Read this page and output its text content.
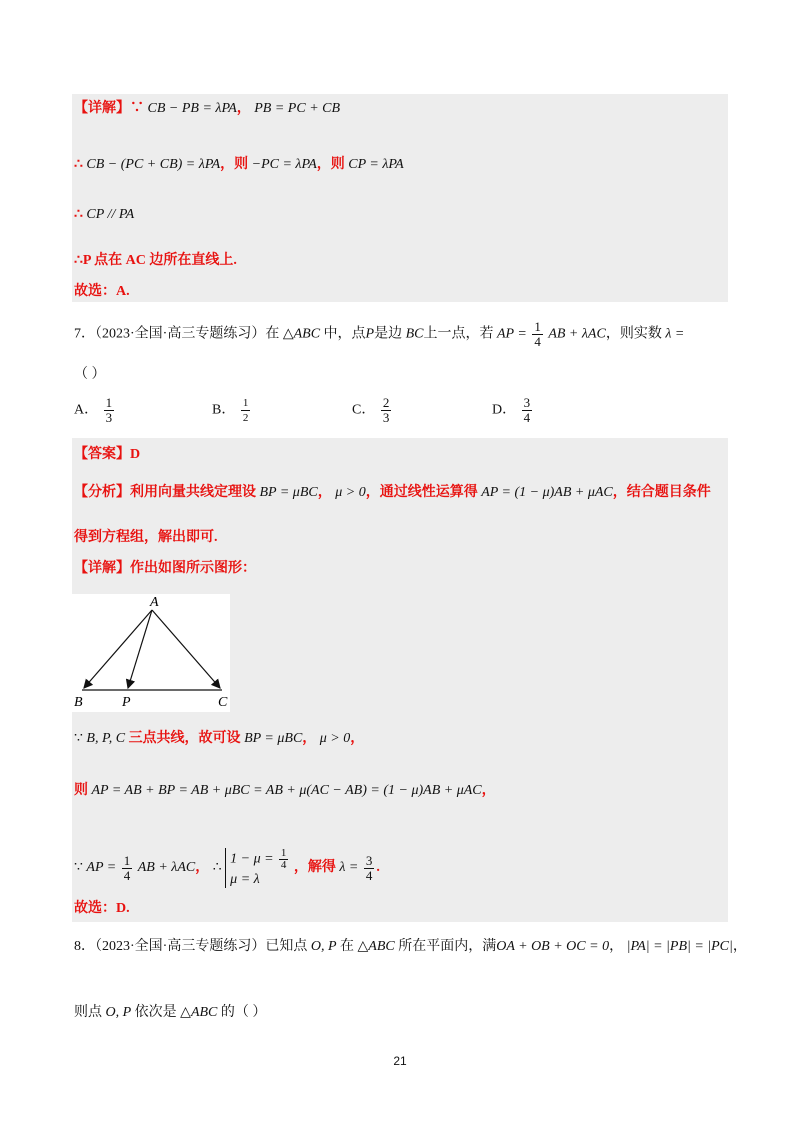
【详解】∵ CB − PB = λPA， PB = PC + CB
∴ CB − (PC + CB) = λPA，则 −PC = λPA，则 CP = λPA
∴ CP // PA
∴P 点在 AC 边所在直线上.
故选：A.
7．（2023·全国·高三专题练习）在 △ABC 中，点P是边 BC上一点，若 AP = $\frac{1}{4}$ AB + λAC，则实数 λ =
（ ）
A． $\frac{1}{3}$	B． $\frac{1}{2}$	C． $\frac{2}{3}$	D． $\frac{3}{4}$
【答案】D
【分析】利用向量共线定理设 BP = μBC， μ > 0，通过线性运算得 AP = (1 − μ)AB + μAC，结合题目条件
得到方程组，解出即可.
【详解】作出如图所示图形：
A
B	P	C
∵ B, P, C 三点共线，故可设 BP = μBC， μ > 0，
则 AP = AB + BP = AB + μBC = AB + μ(AC − AB) = (1 − μ)AB + μAC，
∵ AP = $\frac{1}{4}$ AB + λAC， ∴ $1 - \mu = \frac{1}{4}$

μ = λ ，解得 $\lambda = \frac{3}{4}$ .
故选：D.
8．（2023·全国·高三专题练习）已知点 O, P 在 △ABC 所在平面内，满OA + OB + OC = 0， |PA| = |PB| = |PC|，
则点 O, P 依次是 △ABC 的（ ）
21
